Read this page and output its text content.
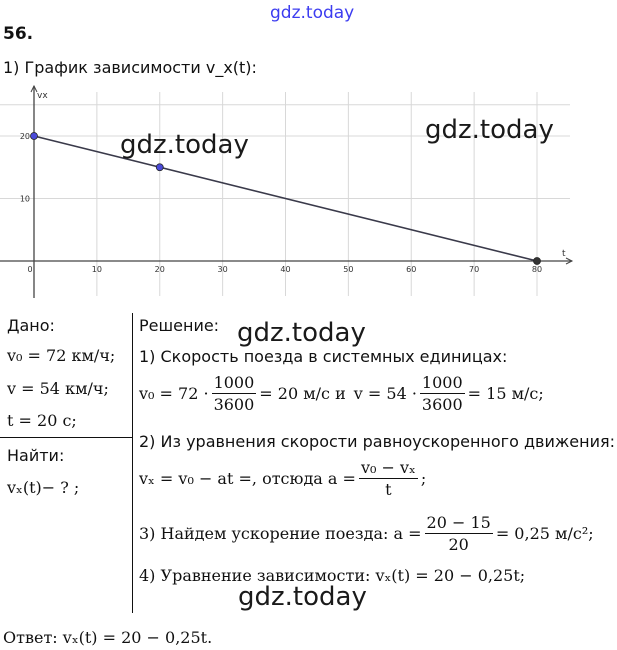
gdz.today
56.
1) График зависимости v_x(t):
0	10	20	30	40	50	60	70	80
10
20
vx
t
gdz.today	gdz.today
Дано:
v₀ = 72 км/ч;
v = 54 км/ч;
t = 20 с;
Найти:
vₓ(t)− ? ;
Решение: gdz.today
1) Скорость поезда в системных единицах:
$v_0 = 72 \cdot \frac{1000}{3600} = 20$ м/с и $v = 54 \cdot \frac{1000}{3600} = 15$ м/с;
2) Из уравнения скорости равноускоренного движения:
vₓ = v₀ − at =, отсюда $a = \frac{\text{v₀ − vₓ}}{t}$ ;
3) Найдем ускорение поезда: $a = \frac{20 - 15}{20} = 0,25$ м/с²;
4) Уравнение зависимости: vₓ(t) = 20 − 0,25t;
gdz.today
Ответ: vₓ(t) = 20 − 0,25t.
